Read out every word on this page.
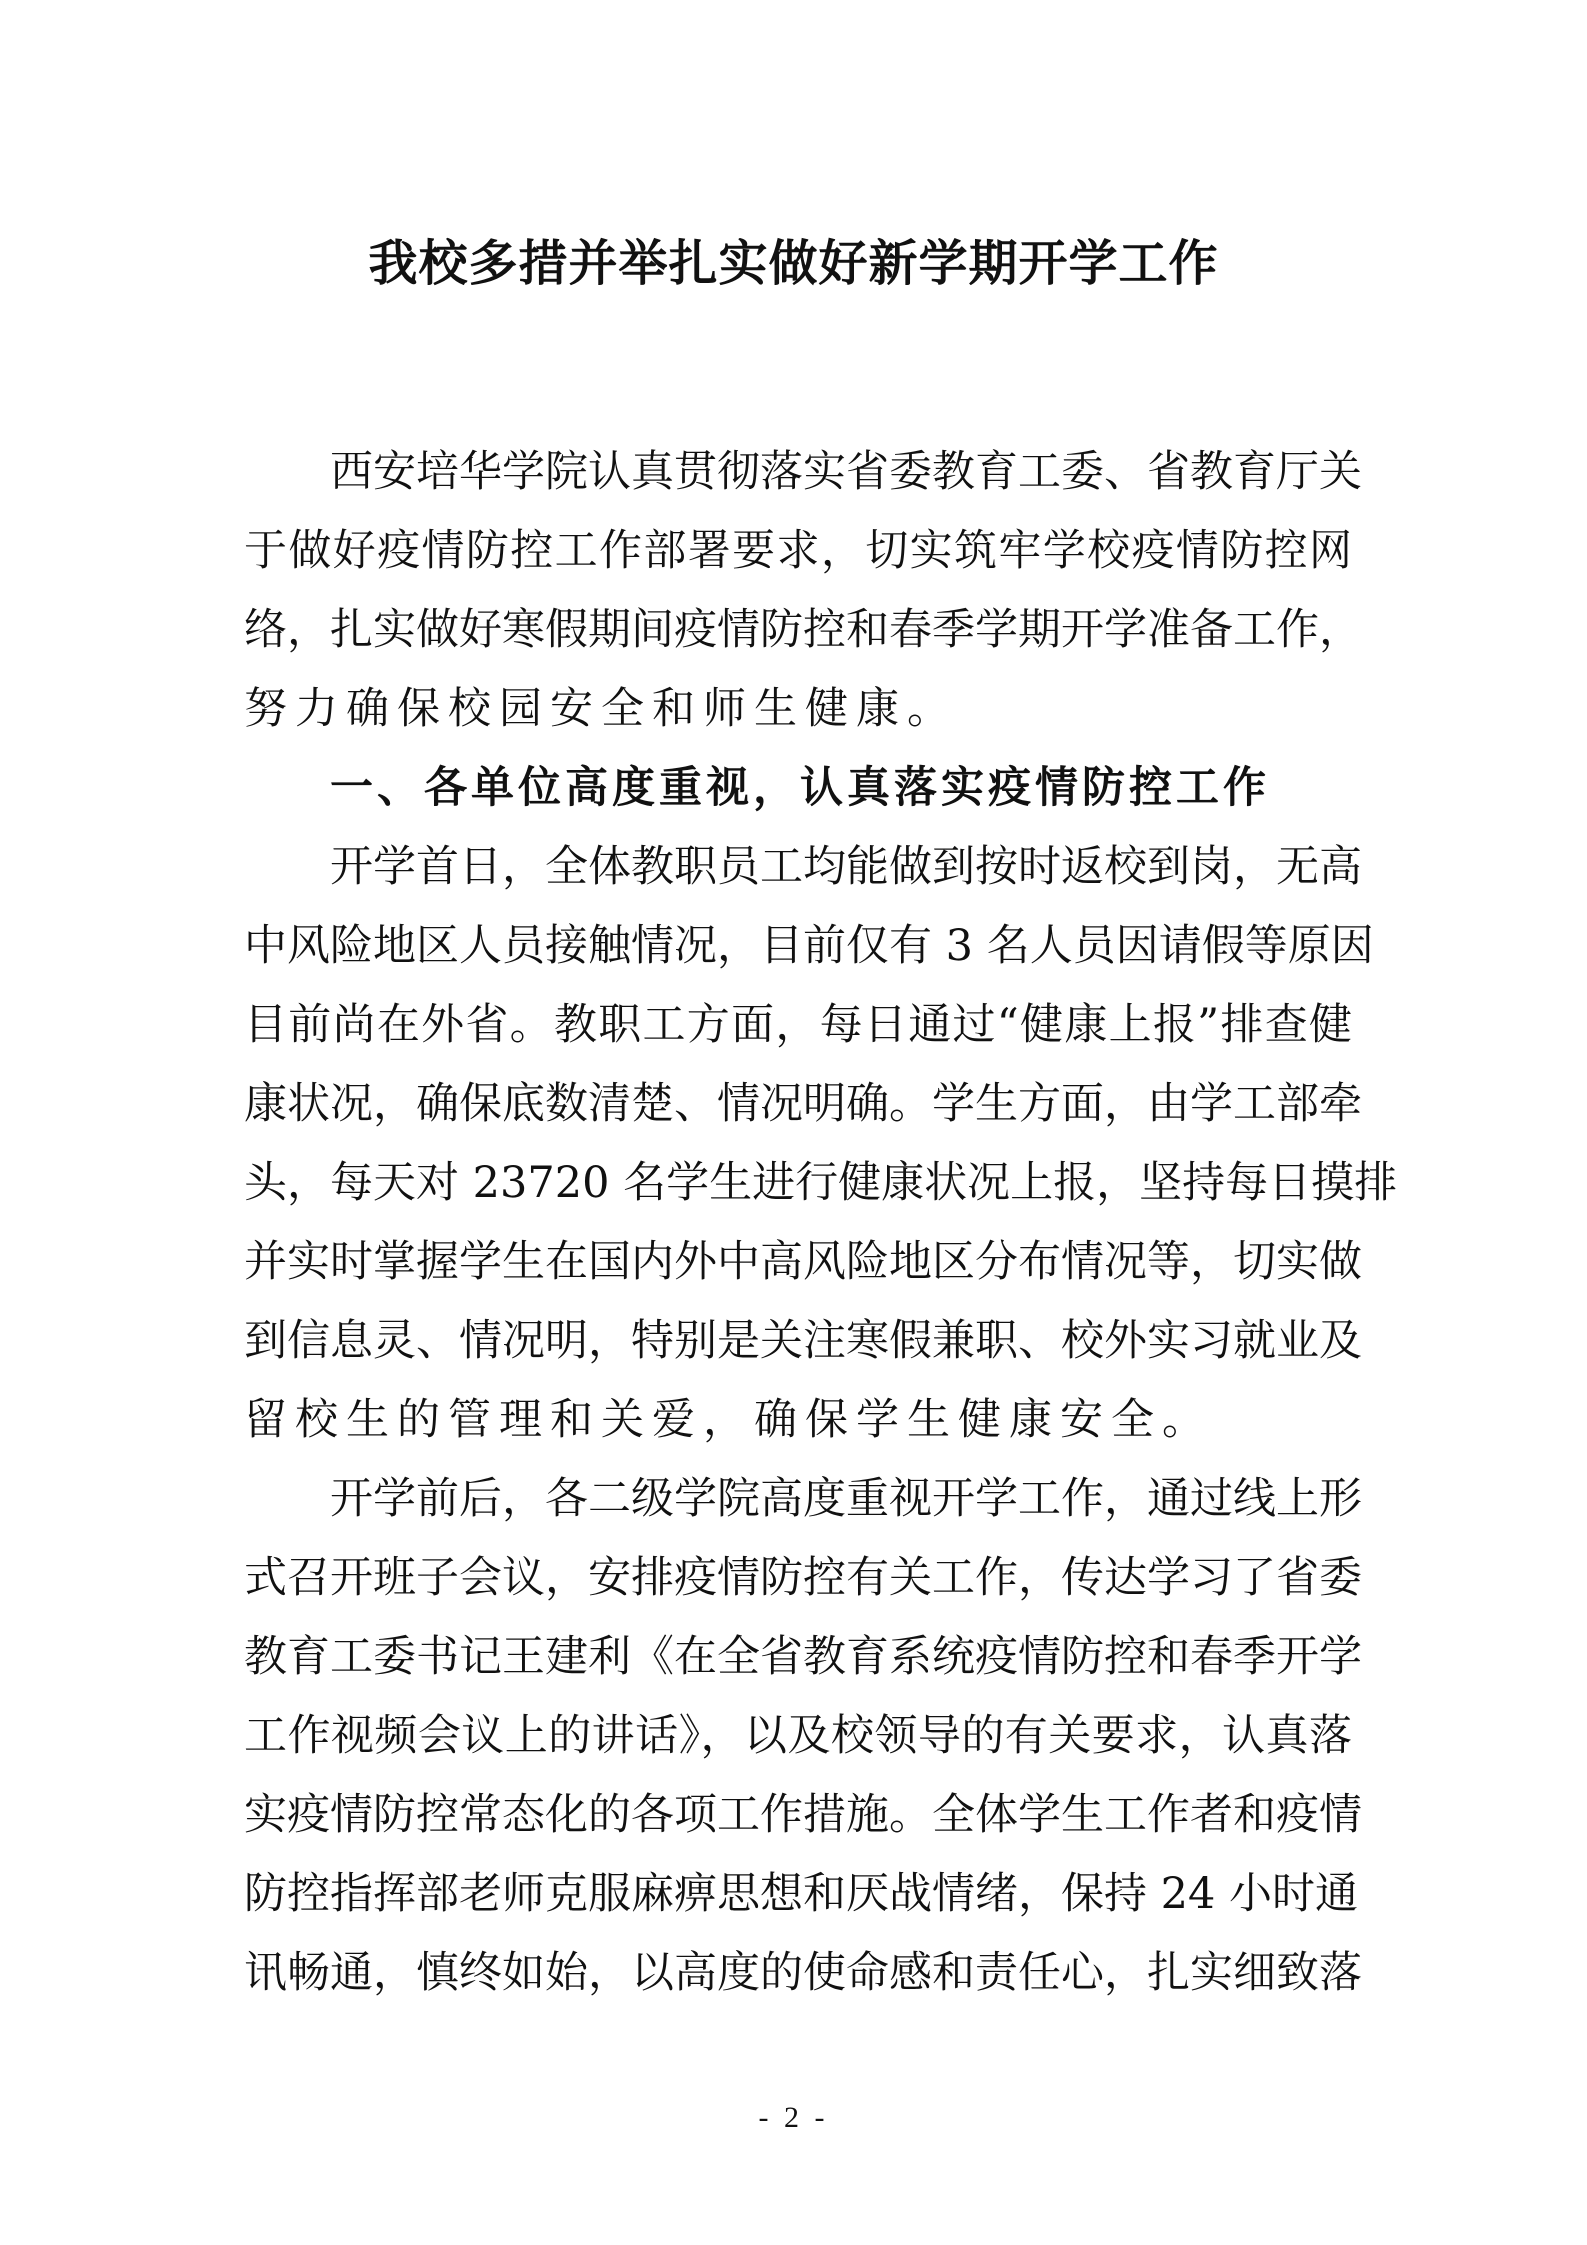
我校多措并举扎实做好新学期开学工作
西安培华学院认真贯彻落实省委教育工委、省教育厅关
于做好疫情防控工作部署要求，切实筑牢学校疫情防控网
络，扎实做好寒假期间疫情防控和春季学期开学准备工作，
努力确保校园安全和师生健康。
一、各单位高度重视，认真落实疫情防控工作
开学首日，全体教职员工均能做到按时返校到岗，无高
中风险地区人员接触情况，目前仅有 3 名人员因请假等原因
目前尚在外省。教职工方面，每日通过“健康上报”排查健
康状况，确保底数清楚、情况明确。学生方面，由学工部牵
头，每天对 23720 名学生进行健康状况上报，坚持每日摸排
并实时掌握学生在国内外中高风险地区分布情况等，切实做
到信息灵、情况明，特别是关注寒假兼职、校外实习就业及
留校生的管理和关爱，确保学生健康安全。
开学前后，各二级学院高度重视开学工作，通过线上形
式召开班子会议，安排疫情防控有关工作，传达学习了省委
教育工委书记王建利《在全省教育系统疫情防控和春季开学
工作视频会议上的讲话》，以及校领导的有关要求，认真落
实疫情防控常态化的各项工作措施。全体学生工作者和疫情
防控指挥部老师克服麻痹思想和厌战情绪，保持 24 小时通
讯畅通，慎终如始，以高度的使命感和责任心，扎实细致落
- 2 -
